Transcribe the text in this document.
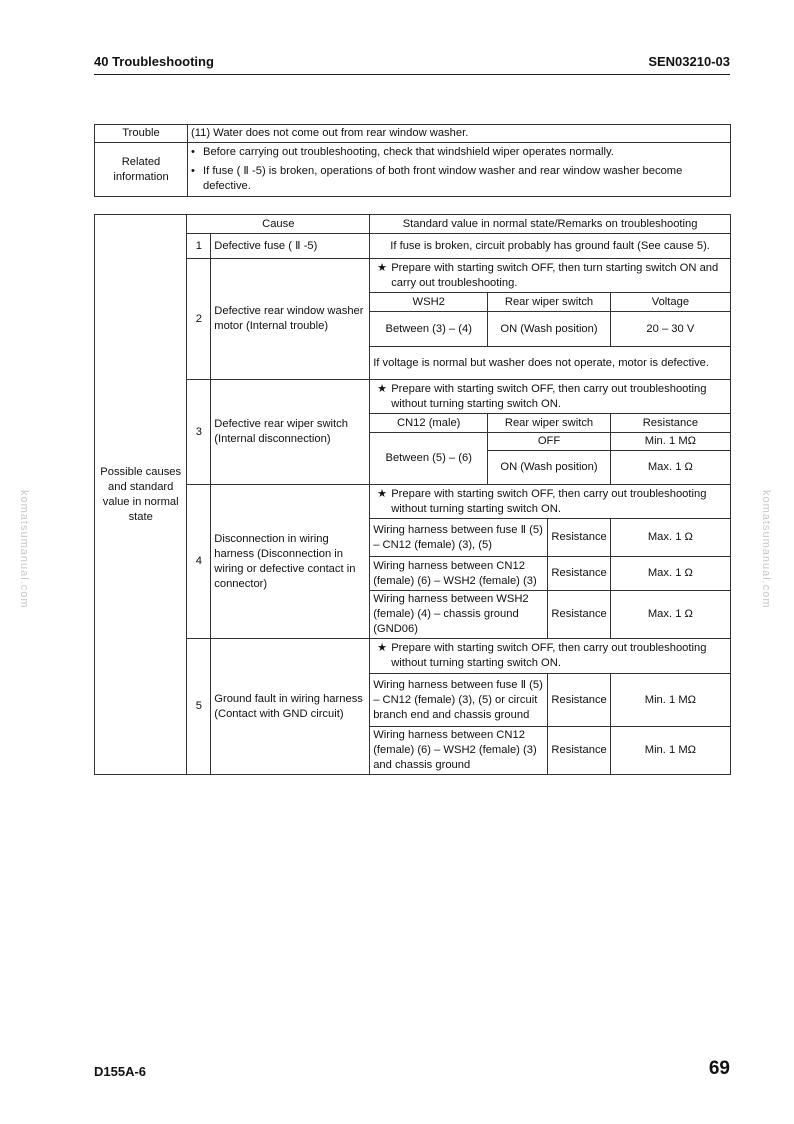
40 Troubleshooting	SEN03210-03
komatsumanual.com	komatsumanual.com
Trouble	(11) Water does not come out from rear window washer.
Related information	• Before carrying out troubleshooting, check that windshield wiper operates normally.
• If fuse ( Ⅱ -5) is broken, operations of both front window washer and rear window washer become defective.
Possible causes and standard value in normal state	Cause		Standard value in normal state/Remarks on troubleshooting			
	1	Defective fuse ( Ⅱ -5)	If fuse is broken, circuit probably has ground fault (See cause 5).			
	2	Defective rear window washer motor (Internal trouble)	★ Prepare with starting switch OFF, then turn starting switch ON and carry out troubleshooting.			

			WSH2	Rear wiper switch		Voltage
			Between (3) – (4)	ON (Wash position)		20 – 30 V
			If voltage is normal but washer does not operate, motor is defective.			
	3	Defective rear wiper switch (Internal disconnection)	★ Prepare with starting switch OFF, then carry out troubleshooting without turning starting switch ON.			

			CN12 (male)	Rear wiper switch		Resistance
			Between (5) – (6)	OFF		Min. 1 MΩ
				ON (Wash position)		Max. 1 Ω

	4	Disconnection in wiring harness (Disconnection in wiring or defective contact in connector)	★ Prepare with starting switch OFF, then carry out troubleshooting without turning starting switch ON.			

			Wiring harness between fuse Ⅱ (5) – CN12 (female) (3), (5)		Resistance	Max. 1 Ω
			Wiring harness between CN12 (female) (6) – WSH2 (female) (3)		Resistance	Max. 1 Ω
			Wiring harness between WSH2 (female) (4) – chassis ground (GND06)		Resistance	Max. 1 Ω
	5	Ground fault in wiring harness (Contact with GND circuit)	★ Prepare with starting switch OFF, then carry out troubleshooting without turning starting switch ON.			

			Wiring harness between fuse Ⅱ (5) – CN12 (female) (3), (5) or circuit branch end and chassis ground		Resistance	Min. 1 MΩ
			Wiring harness between CN12 (female) (6) – WSH2 (female) (3) and chassis ground		Resistance	Min. 1 MΩ
D155A-6	69
